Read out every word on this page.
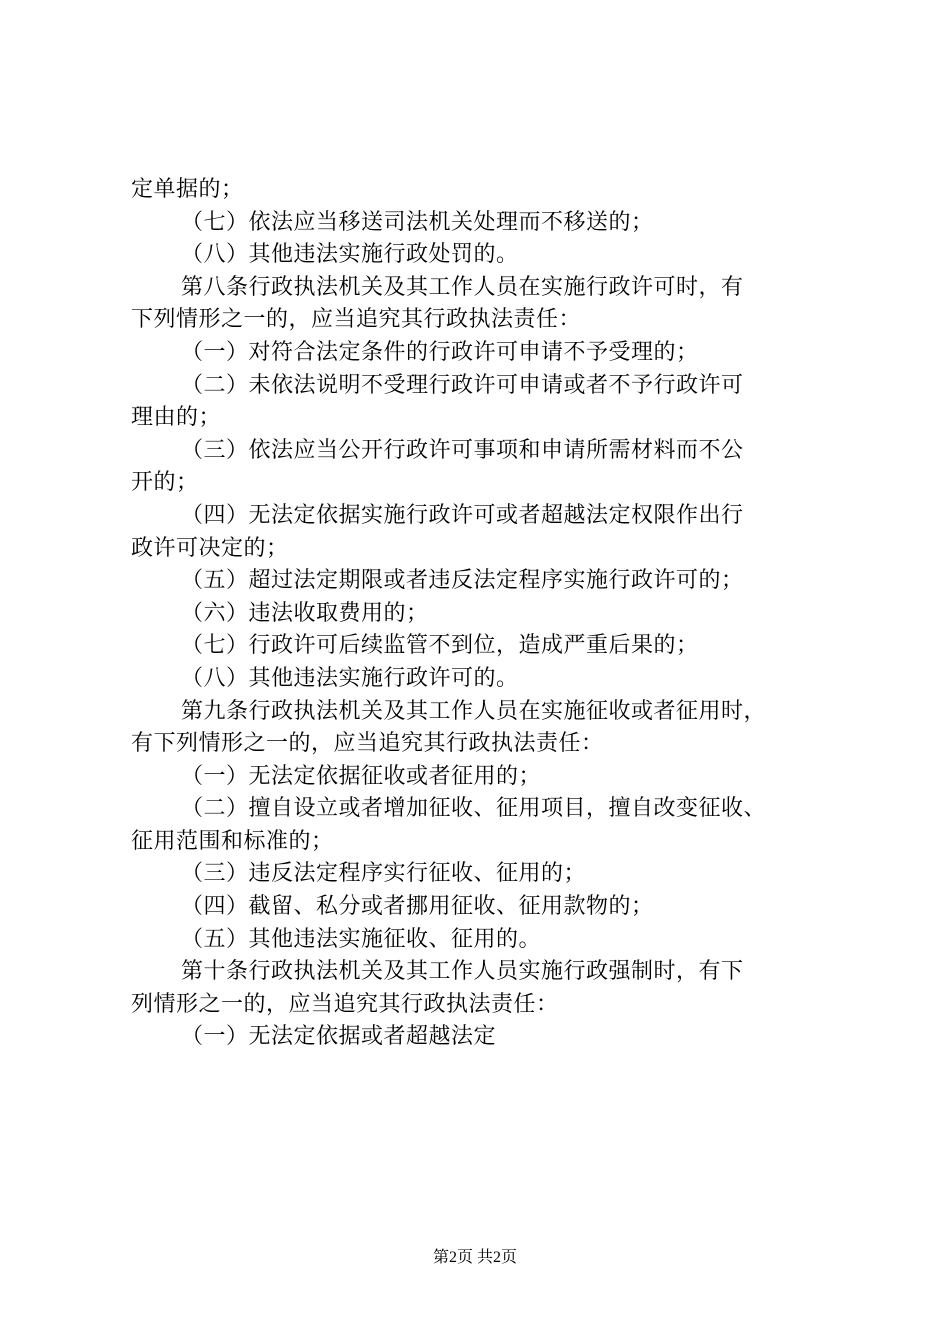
定单据的；
（七）依法应当移送司法机关处理而不移送的；
（八）其他违法实施行政处罚的。
第八条行政执法机关及其工作人员在实施行政许可时，有
下列情形之一的，应当追究其行政执法责任：
（一）对符合法定条件的行政许可申请不予受理的；
（二）未依法说明不受理行政许可申请或者不予行政许可
理由的；
（三）依法应当公开行政许可事项和申请所需材料而不公
开的；
（四）无法定依据实施行政许可或者超越法定权限作出行
政许可决定的；
（五）超过法定期限或者违反法定程序实施行政许可的；
（六）违法收取费用的；
（七）行政许可后续监管不到位，造成严重后果的；
（八）其他违法实施行政许可的。
第九条行政执法机关及其工作人员在实施征收或者征用时，
有下列情形之一的，应当追究其行政执法责任：
（一）无法定依据征收或者征用的；
（二）擅自设立或者增加征收、征用项目，擅自改变征收、
征用范围和标准的；
（三）违反法定程序实行征收、征用的；
（四）截留、私分或者挪用征收、征用款物的；
（五）其他违法实施征收、征用的。
第十条行政执法机关及其工作人员实施行政强制时，有下
列情形之一的，应当追究其行政执法责任：
（一）无法定依据或者超越法定
第2页 共2页
